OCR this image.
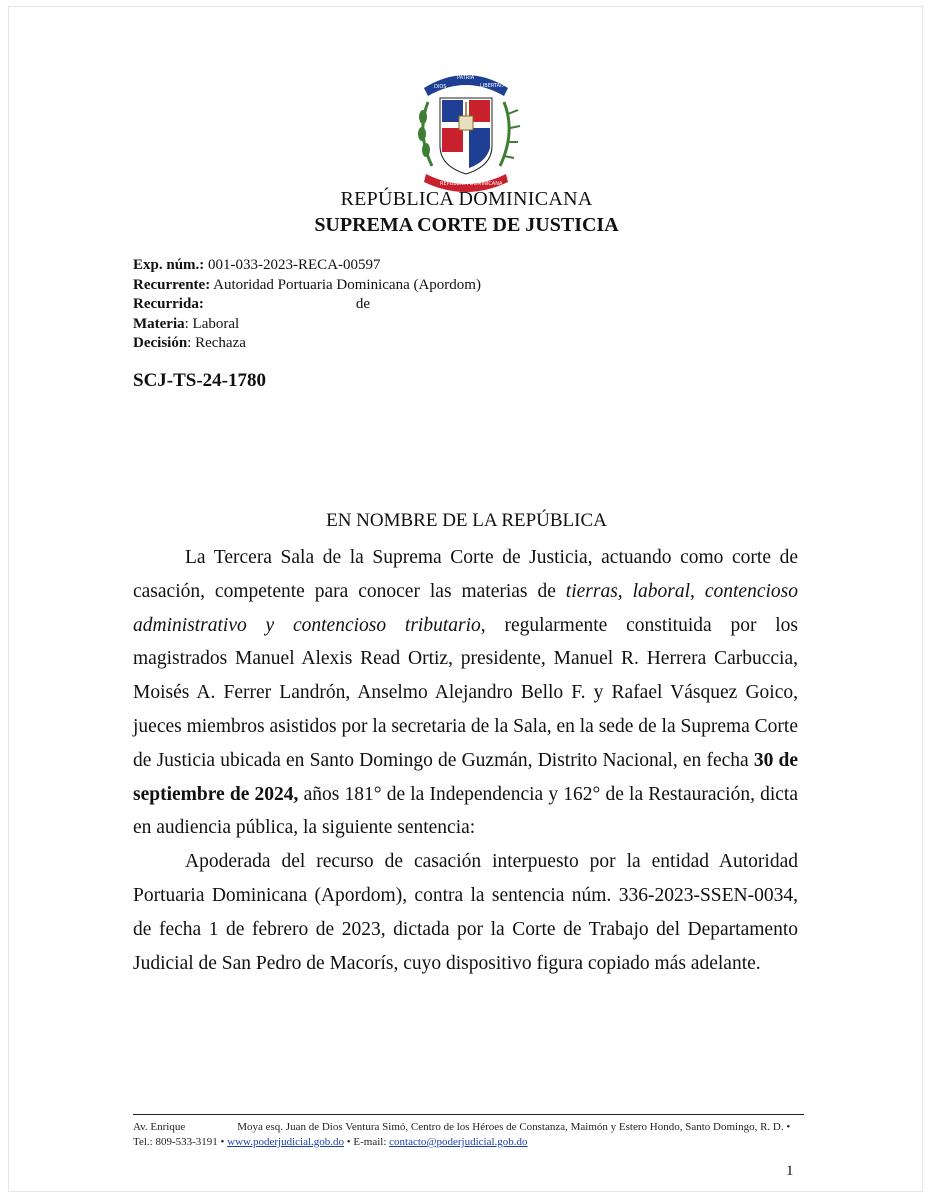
DIOS
PATRIA
LIBERTAD
REPÚBLICA DOMINICANA
REPÚBLICA DOMINICANA
SUPREMA CORTE DE JUSTICIA
Exp. núm.: 001-033-2023-RECA-00597
Recurrente: Autoridad Portuaria Dominicana (Apordom)
Recurrida:	de
Materia: Laboral
Decisión: Rechaza
SCJ-TS-24-1780
EN NOMBRE DE LA REPÚBLICA

La Tercera Sala de la Suprema Corte de Justicia, actuando como corte de casación, competente para conocer las materias de tierras, laboral, contencioso administrativo y contencioso tributario, regularmente constituida por los magistrados Manuel Alexis Read Ortiz, presidente, Manuel R. Herrera Carbuccia, Moisés A. Ferrer Landrón, Anselmo Alejandro Bello F. y Rafael Vásquez Goico, jueces miembros asistidos por la secretaria de la Sala, en la sede de la Suprema Corte de Justicia ubicada en Santo Domingo de Guzmán, Distrito Nacional, en fecha 30 de septiembre de 2024, años 181° de la Independencia y 162° de la Restauración, dicta en audiencia pública, la siguiente sentencia:

Apoderada del recurso de casación interpuesto por la entidad Autoridad Portuaria Dominicana (Apordom), contra la sentencia núm. 336-2023-SSEN-0034, de fecha 1 de febrero de 2023, dictada por la Corte de Trabajo del Departamento Judicial de San Pedro de Macorís, cuyo dispositivo figura copiado más adelante.

Av. Enrique	Moya esq. Juan de Dios Ventura Simó, Centro de los Héroes de Constanza, Maimón y Estero Hondo, Santo Domingo, R. D. • Tel.: 809-533-3191 • www.poderjudicial.gob.do • E-mail: contacto@poderjudicial.gob.do
1
